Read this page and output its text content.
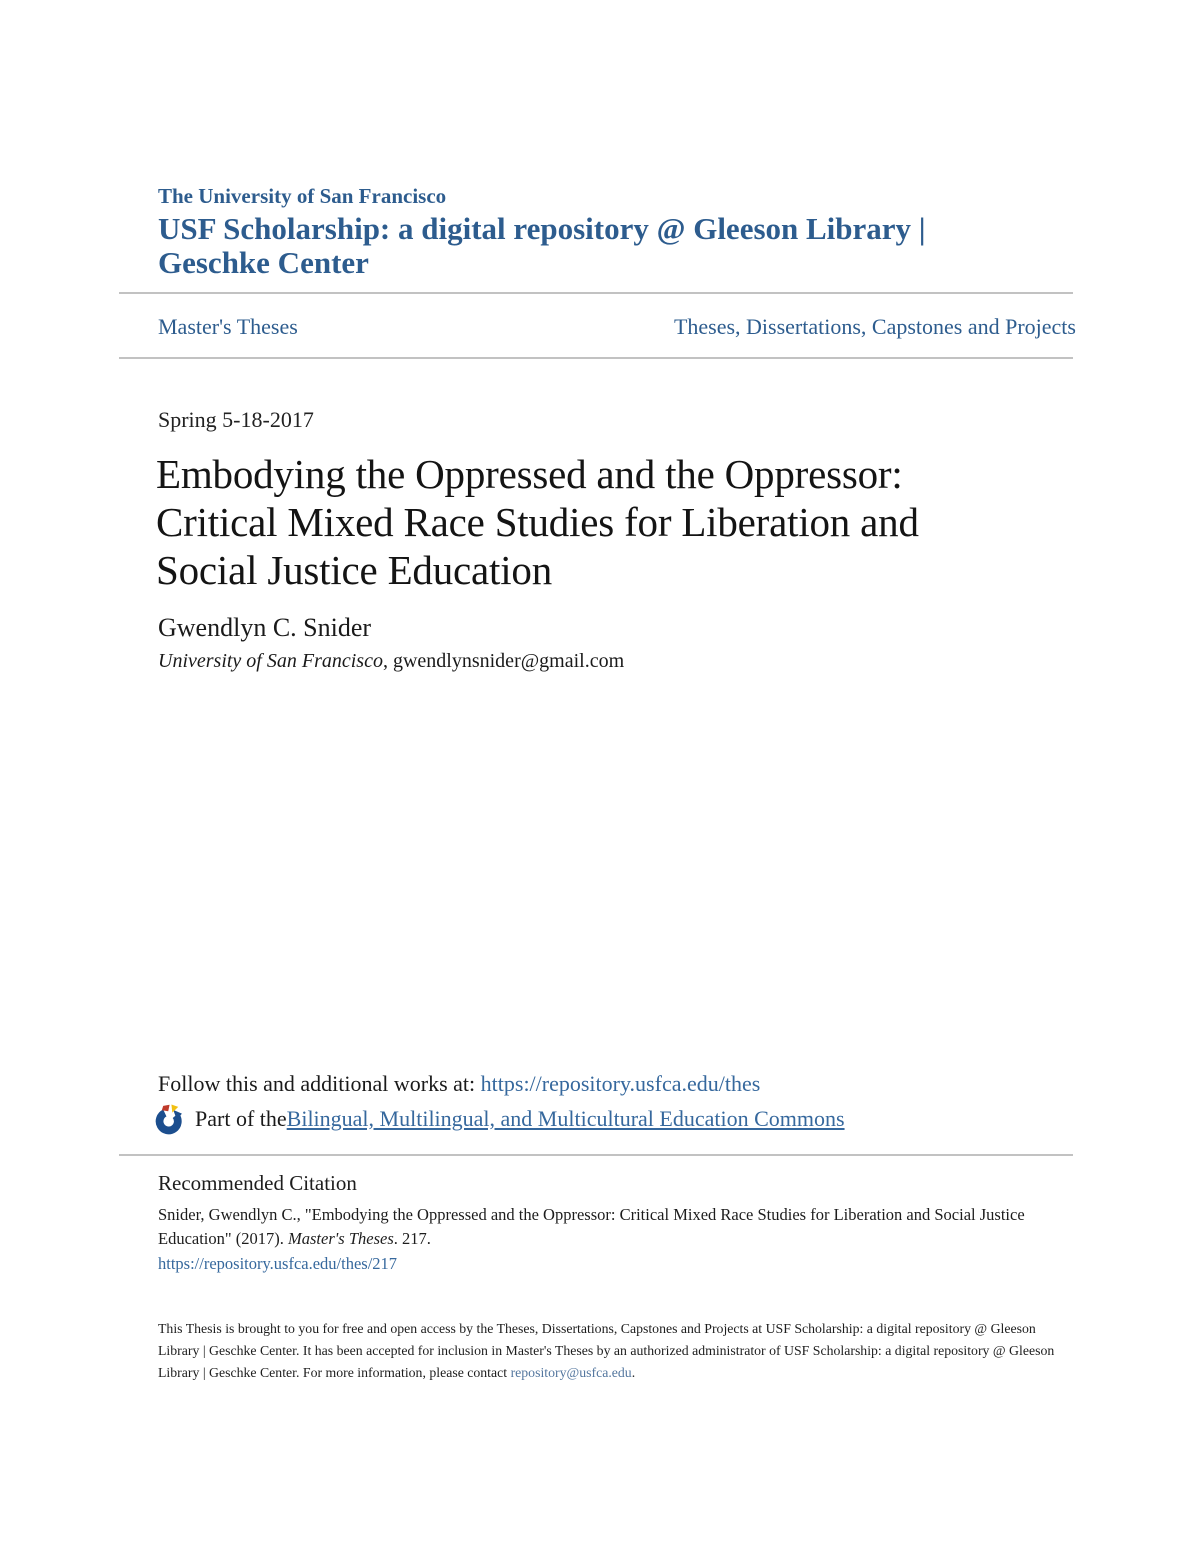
The University of San Francisco
USF Scholarship: a digital repository @ Gleeson Library |
Geschke Center
Master's Theses	Theses, Dissertations, Capstones and Projects
Spring 5-18-2017
Embodying the Oppressed and the Oppressor:
Critical Mixed Race Studies for Liberation and
Social Justice Education
Gwendlyn C. Snider
University of San Francisco, gwendlynsnider@gmail.com
Follow this and additional works at: https://repository.usfca.edu/thes
Part of the Bilingual, Multilingual, and Multicultural Education Commons
Recommended Citation

Snider, Gwendlyn C., "Embodying the Oppressed and the Oppressor: Critical Mixed Race Studies for Liberation and Social Justice Education" (2017). Master's Theses. 217.
https://repository.usfca.edu/thes/217

This Thesis is brought to you for free and open access by the Theses, Dissertations, Capstones and Projects at USF Scholarship: a digital repository @ Gleeson Library | Geschke Center. It has been accepted for inclusion in Master's Theses by an authorized administrator of USF Scholarship: a digital repository @ Gleeson Library | Geschke Center. For more information, please contact repository@usfca.edu.
